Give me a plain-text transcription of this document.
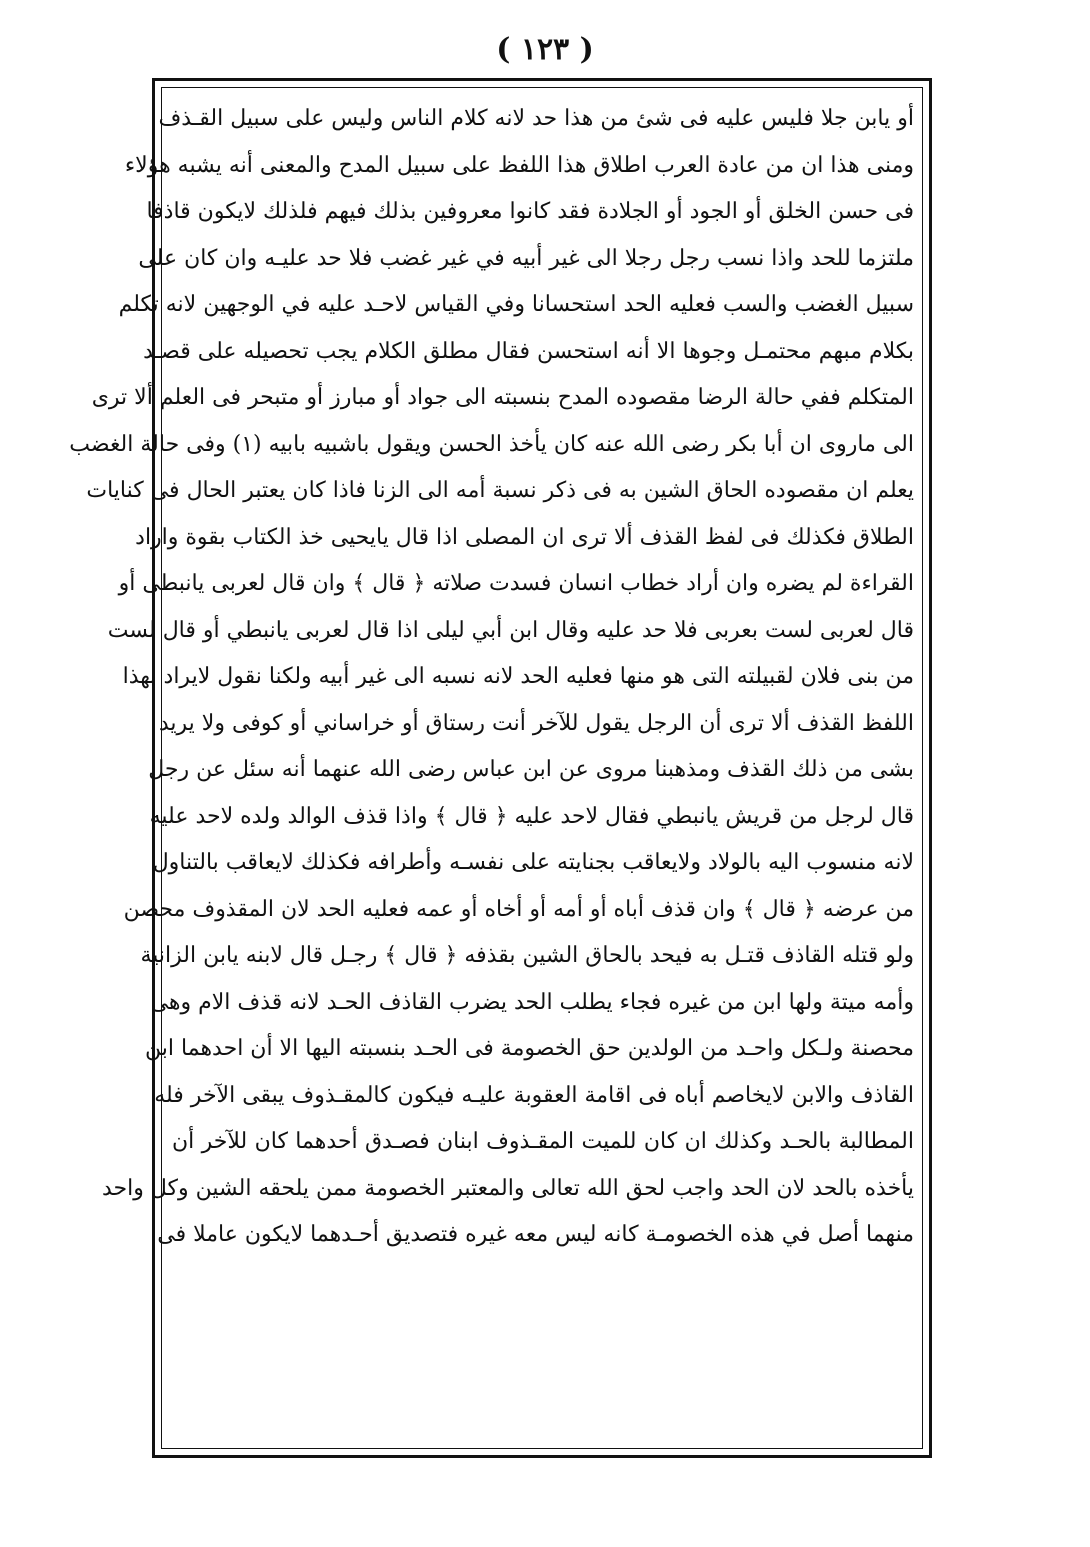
( ١٢٣ )
أو يابن جلا فليس عليه فى شئ من هذا حد لانه كلام الناس وليس على سبيل القـذف
ومنى هذا ان من عادة العرب اطلاق هذا اللفظ على سبيل المدح والمعنى أنه يشبه هؤلاء
فى حسن الخلق أو الجود أو الجلادة فقد كانوا معروفين بذلك فيهم فلذلك لايكون قاذفا
ملتزما للحد واذا نسب رجل رجلا الى غير أبيه في غير غضب فلا حد عليـه وان كان على
سبيل الغضب والسب فعليه الحد استحسانا وفي القياس لاحـد عليه في الوجهين لانه تكلم
بكلام مبهم محتمـل وجوها الا أنه استحسن فقال مطلق الكلام يجب تحصيله على قصـد
المتكلم ففي حالة الرضا مقصوده المدح بنسبته الى جواد أو مبارز أو متبحر فى العلم ألا ترى
الى ماروى ان أبا بكر رضى الله عنه كان يأخذ الحسن ويقول باشبيه بابيه (١) وفى حالة الغضب
يعلم ان مقصوده الحاق الشين به فى ذكر نسبة أمه الى الزنا فاذا كان يعتبر الحال فى كنايات
الطلاق فكذلك فى لفظ القذف ألا ترى ان المصلى اذا قال يايحيى خذ الكتاب بقوة واراد
القراءة لم يضره وان أراد خطاب انسان فسدت صلاته ﴿ قال ﴾ وان قال لعربى يانبطى أو
قال لعربى لست بعربى فلا حد عليه وقال ابن أبي ليلى اذا قال لعربى يانبطي أو قال لست
من بنى فلان لقبيلته التى هو منها فعليه الحد لانه نسبه الى غير أبيه ولكنا نقول لايراد بهذا
اللفظ القذف ألا ترى أن الرجل يقول للآخر أنت رستاق أو خراساني أو كوفى ولا يريد
بشى من ذلك القذف ومذهبنا مروى عن ابن عباس رضى الله عنهما أنه سئل عن رجل
قال لرجل من قريش يانبطي فقال لاحد عليه ﴿ قال ﴾ واذا قذف الوالد ولده لاحد عليه
لانه منسوب اليه بالولاد ولايعاقب بجنايته على نفسـه وأطرافه فكذلك لايعاقب بالتناول
من عرضه ﴿ قال ﴾ وان قذف أباه أو أمه أو أخاه أو عمه فعليه الحد لان المقذوف محصن
ولو قتله القاذف قتـل به فيحد بالحاق الشين بقذفه ﴿ قال ﴾ رجـل قال لابنه يابن الزانية
وأمه ميتة ولها ابن من غيره فجاء يطلب الحد يضرب القاذف الحـد لانه قذف الام وهى
محصنة ولـكل واحـد من الولدين حق الخصومة فى الحـد بنسبته اليها الا أن احدهما ابن
القاذف والابن لايخاصم أباه فى اقامة العقوبة عليـه فيكون كالمقـذوف يبقى الآخر فله
المطالبة بالحـد وكذلك ان كان للميت المقـذوف ابنان فصـدق أحدهما كان للآخر أن
يأخذه بالحد لان الحد واجب لحق الله تعالى والمعتبر الخصومة ممن يلحقه الشين وكل واحد
منهما أصل في هذه الخصومـة كانه ليس معه غيره فتصديق أحـدهما لايكون عاملا فى
